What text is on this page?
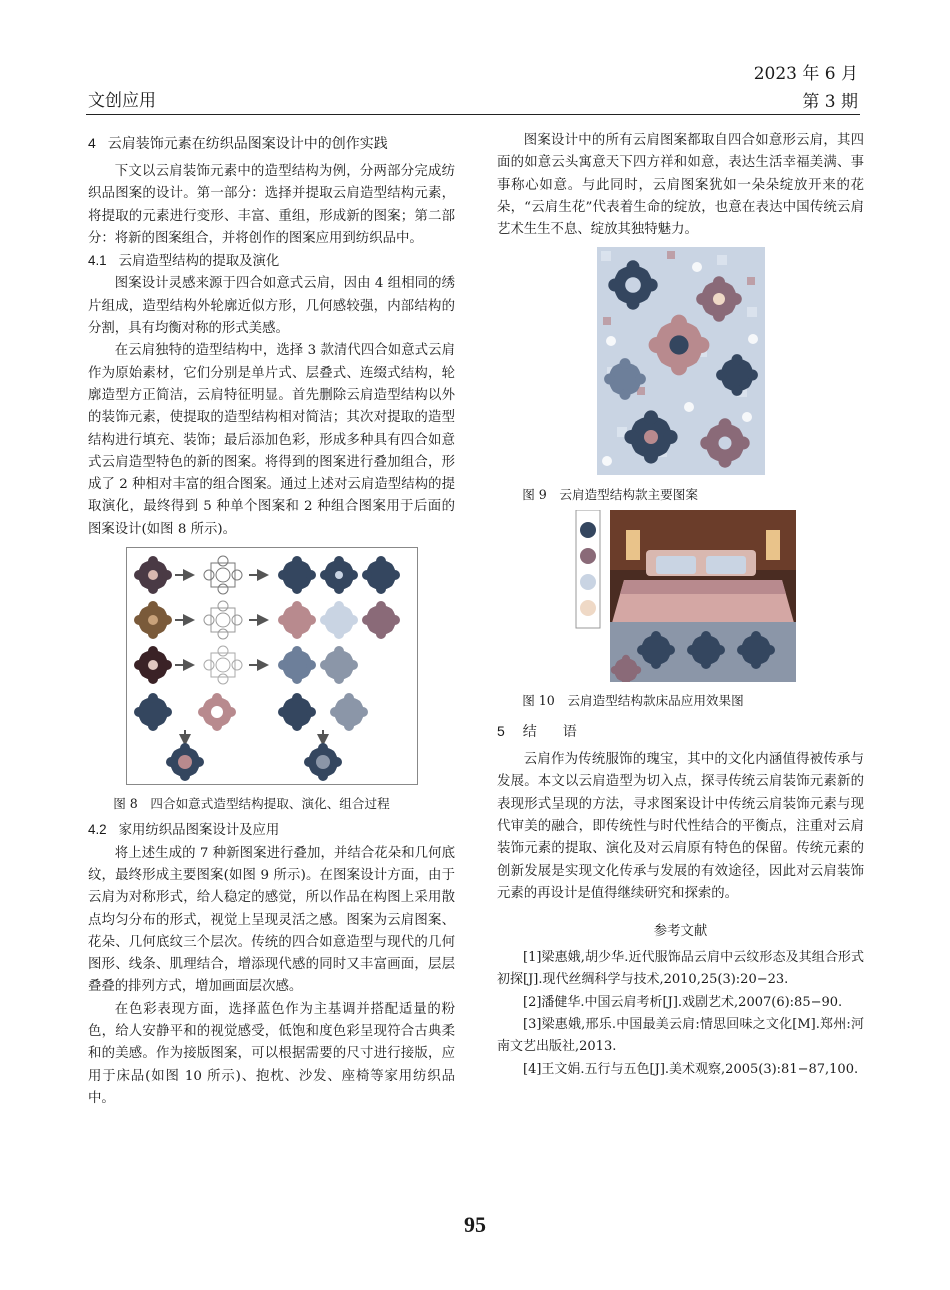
文创应用
2023 年 6 月
第 3 期
4 云肩装饰元素在纺织品图案设计中的创作实践

下文以云肩装饰元素中的造型结构为例，分两部分完成纺织品图案的设计。第一部分：选择并提取云肩造型结构元素，将提取的元素进行变形、丰富、重组，形成新的图案；第二部分：将新的图案组合，并将创作的图案应用到纺织品中。

4.1 云肩造型结构的提取及演化

图案设计灵感来源于四合如意式云肩，因由 4 组相同的绣片组成，造型结构外轮廓近似方形，几何感较强，内部结构的分割，具有均衡对称的形式美感。

在云肩独特的造型结构中，选择 3 款清代四合如意式云肩作为原始素材，它们分别是单片式、层叠式、连缀式结构，轮廓造型方正简洁，云肩特征明显。首先删除云肩造型结构以外的装饰元素，使提取的造型结构相对简洁；其次对提取的造型结构进行填充、装饰；最后添加色彩，形成多种具有四合如意式云肩造型特色的新的图案。将得到的图案进行叠加组合，形成了 2 种相对丰富的组合图案。通过上述对云肩造型结构的提取演化，最终得到 5 种单个图案和 2 种组合图案用于后面的图案设计(如图 8 所示)。

图 8　四合如意式造型结构提取、演化、组合过程

4.2 家用纺织品图案设计及应用

将上述生成的 7 种新图案进行叠加，并结合花朵和几何底纹，最终形成主要图案(如图 9 所示)。在图案设计方面，由于云肩为对称形式，给人稳定的感觉，所以作品在构图上采用散点均匀分布的形式，视觉上呈现灵活之感。图案为云肩图案、花朵、几何底纹三个层次。传统的四合如意造型与现代的几何图形、线条、肌理结合，增添现代感的同时又丰富画面，层层叠叠的排列方式，增加画面层次感。

在色彩表现方面，选择蓝色作为主基调并搭配适量的粉色，给人安静平和的视觉感受，低饱和度色彩呈现符合古典柔和的美感。作为接版图案，可以根据需要的尺寸进行接版，应用于床品(如图 10 所示)、抱枕、沙发、座椅等家用纺织品中。

图案设计中的所有云肩图案都取自四合如意形云肩，其四面的如意云头寓意天下四方祥和如意，表达生活幸福美满、事事称心如意。与此同时，云肩图案犹如一朵朵绽放开来的花朵，“云肩生花”代表着生命的绽放，也意在表达中国传统云肩艺术生生不息、绽放其独特魅力。

图 9　云肩造型结构款主要图案

图 10　云肩造型结构款床品应用效果图

5 结　语

云肩作为传统服饰的瑰宝，其中的文化内涵值得被传承与发展。本文以云肩造型为切入点，探寻传统云肩装饰元素新的表现形式呈现的方法，寻求图案设计中传统云肩装饰元素与现代审美的融合，即传统性与时代性结合的平衡点，注重对云肩装饰元素的提取、演化及对云肩原有特色的保留。传统元素的创新发展是实现文化传承与发展的有效途径，因此对云肩装饰元素的再设计是值得继续研究和探索的。

参考文献

[1]梁惠娥,胡少华.近代服饰品云肩中云纹形态及其组合形式初探[J].现代丝绸科学与技术,2010,25(3):20−23.

[2]潘健华.中国云肩考析[J].戏剧艺术,2007(6):85−90.

[3]梁惠娥,邢乐.中国最美云肩:情思回味之文化[M].郑州:河南文艺出版社,2013.

[4]王文娟.五行与五色[J].美术观察,2005(3):81−87,100.

95
